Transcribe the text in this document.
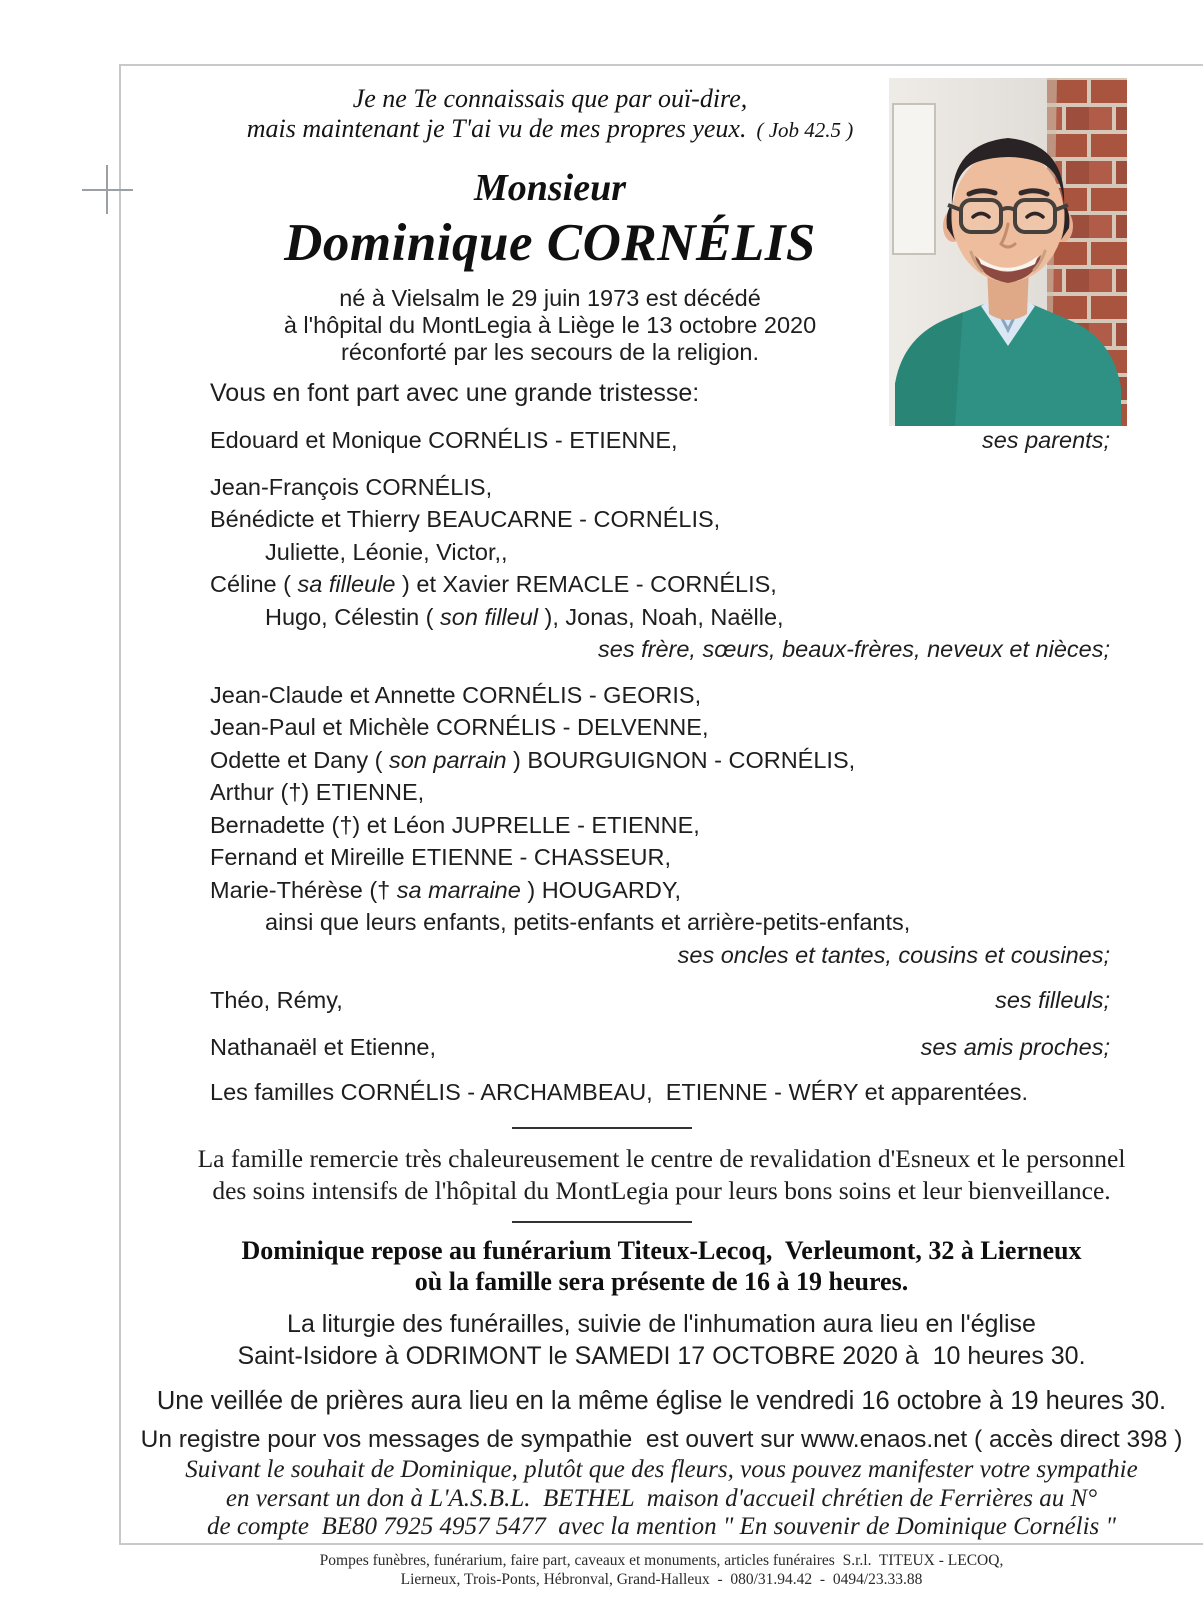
Je ne Te connaissais que par ouï-dire,
mais maintenant je T'ai vu de mes propres yeux. ( Job 42.5 )
Monsieur
Dominique CORNÉLIS
né à Vielsalm le 29 juin 1973 est décédé
à l'hôpital du MontLegia à Liège le 13 octobre 2020
réconforté par les secours de la religion.
Vous en font part avec une grande tristesse:
Edouard et Monique CORNÉLIS - ETIENNE,	ses parents;
Jean-François CORNÉLIS,
Bénédicte et Thierry BEAUCARNE - CORNÉLIS,
Juliette, Léonie, Victor,,
Céline ( sa filleule ) et Xavier REMACLE - CORNÉLIS,
Hugo, Célestin ( son filleul ), Jonas, Noah, Naëlle,
ses frère, sœurs, beaux-frères, neveux et nièces;
Jean-Claude et Annette CORNÉLIS - GEORIS,
Jean-Paul et Michèle CORNÉLIS - DELVENNE,
Odette et Dany ( son parrain ) BOURGUIGNON - CORNÉLIS,
Arthur (†) ETIENNE,
Bernadette (†) et Léon JUPRELLE - ETIENNE,
Fernand et Mireille ETIENNE - CHASSEUR,
Marie-Thérèse († sa marraine ) HOUGARDY,
ainsi que leurs enfants, petits-enfants et arrière-petits-enfants,
ses oncles et tantes, cousins et cousines;
Théo, Rémy,	ses filleuls;
Nathanaël et Etienne,	ses amis proches;
Les familles CORNÉLIS - ARCHAMBEAU,  ETIENNE - WÉRY et apparentées.
La famille remercie très chaleureusement le centre de revalidation d'Esneux et le personnel
des soins intensifs de l'hôpital du MontLegia pour leurs bons soins et leur bienveillance.
Dominique repose au funérarium Titeux-Lecoq,  Verleumont, 32 à Lierneux
où la famille sera présente de 16 à 19 heures.
La liturgie des funérailles, suivie de l'inhumation aura lieu en l'église
Saint-Isidore à ODRIMONT le SAMEDI 17 OCTOBRE 2020 à  10 heures 30.
Une veillée de prières aura lieu en la même église le vendredi 16 octobre à 19 heures 30.
Un registre pour vos messages de sympathie  est ouvert sur www.enaos.net ( accès direct 398 )
Suivant le souhait de Dominique, plutôt que des fleurs, vous pouvez manifester votre sympathie
en versant un don à L'A.S.B.L.  BETHEL  maison d'accueil chrétien de Ferrières au N°
de compte  BE80 7925 4957 5477  avec la mention " En souvenir de Dominique Cornélis "
Pompes funèbres, funérarium, faire part, caveaux et monuments, articles funéraires  S.r.l.  TITEUX - LECOQ,
Lierneux, Trois-Ponts, Hébronval, Grand-Halleux  -  080/31.94.42  -  0494/23.33.88
